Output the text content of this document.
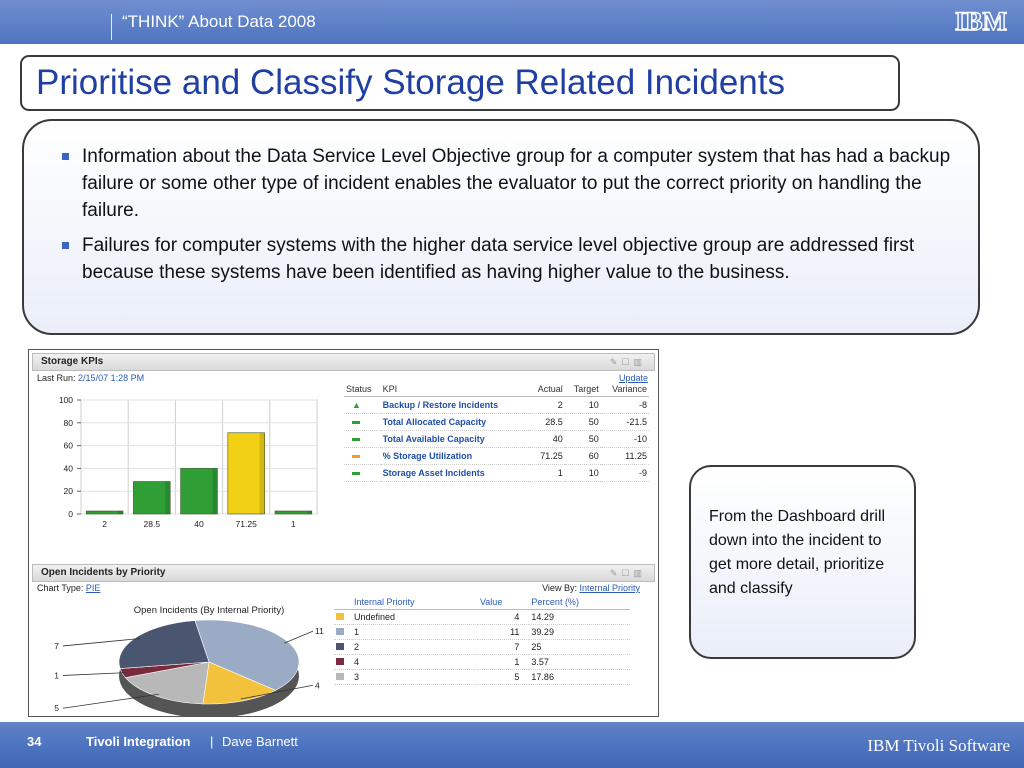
“THINK” About Data 2008	IBM
Prioritise and Classify Storage Related Incidents
Information about the Data Service Level Objective group for a computer system that has had a backup failure or some other type of incident enables the evaluator to put the correct priority on handling the failure.
Failures for computer systems with the higher data service level objective group are addressed first because these systems have been identified as having higher value to the business.
Storage KPIs	✎☐▥
Last Run: 2/15/07 1:28 PM	Update
0
20
40
60
80
100
2	28.5	40	71.25	1
Status	KPI	Actual	Target	Variance
▲	Backup / Restore Incidents	2	10	-8
	Total Allocated Capacity	28.5	50	-21.5
	Total Available Capacity	40	50	-10
	% Storage Utilization	71.25	60	11.25
	Storage Asset Incidents	1	10	-9
Open Incidents by Priority	✎☐▥
Chart Type: PIE	View By: Internal Priority
Open Incidents (By Internal Priority)
11
4
5
1
7
	Internal Priority	Value	Percent (%)
	Undefined	4	14.29
	1	11	39.29
	2	7	25
	4	1	3.57
	3	5	17.86

From the Dashboard drill down into the incident to get more detail, prioritize and classify

34	Tivoli Integration | Dave Barnett	IBM Tivoli Software
